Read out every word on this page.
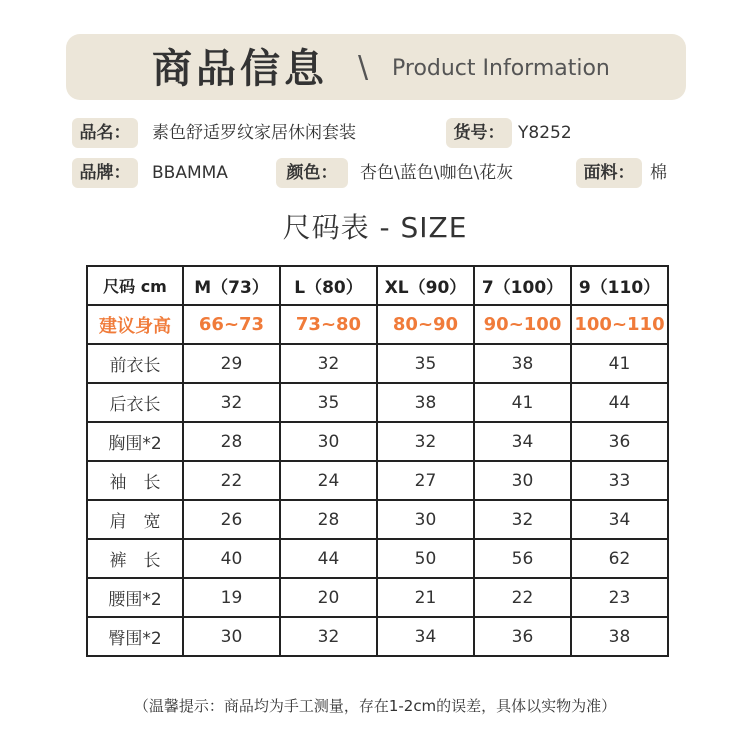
商品信息 \ Product Information
品名：	素色舒适罗纹家居休闲套装	货号： Y8252
品牌：	BBAMMA	颜色：	杏色\蓝色\咖色\花灰	面料： 棉
尺码表 - SIZE
尺码 cm	M（73）	L（80）	XL（90）	7（100）	9（110）
建议身高	66~73	73~80	80~90	90~100	100~110
前衣长	29	32	35	38	41
后衣长	32	35	38	41	44
胸围*2	28	30	32	34	36
袖　长	22	24	27	30	33
肩　宽	26	28	30	32	34
裤　长	40	44	50	56	62
腰围*2	19	20	21	22	23
臀围*2	30	32	34	36	38
（温馨提示：商品均为手工测量，存在1-2cm的误差，具体以实物为准）
